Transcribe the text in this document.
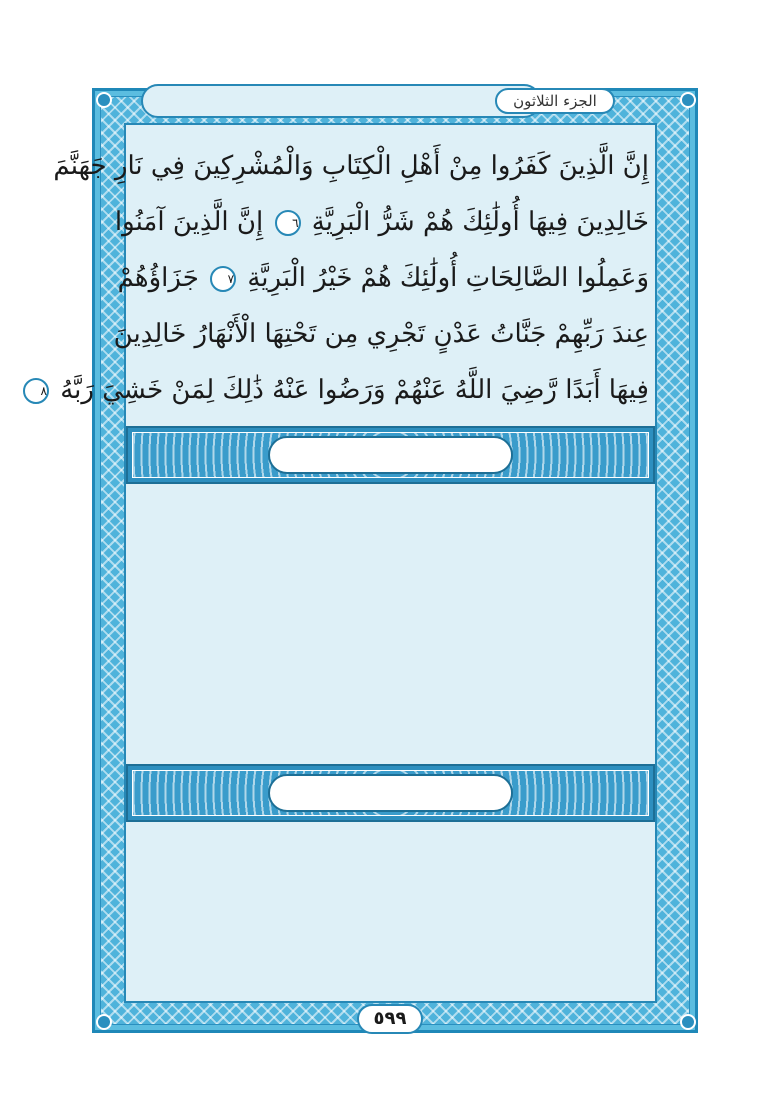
الجزء الثلاثون
إِنَّ الَّذِينَ كَفَرُوا مِنْ أَهْلِ الْكِتَابِ وَالْمُشْرِكِينَ فِي نَارِ جَهَنَّمَ
خَالِدِينَ فِيهَا أُولَٰئِكَ هُمْ شَرُّ الْبَرِيَّةِ ٦ إِنَّ الَّذِينَ آمَنُوا
وَعَمِلُوا الصَّالِحَاتِ أُولَٰئِكَ هُمْ خَيْرُ الْبَرِيَّةِ ٧ جَزَاؤُهُمْ
عِندَ رَبِّهِمْ جَنَّاتُ عَدْنٍ تَجْرِي مِن تَحْتِهَا الْأَنْهَارُ خَالِدِينَ
فِيهَا أَبَدًا رَّضِيَ اللَّهُ عَنْهُمْ وَرَضُوا عَنْهُ ذَٰلِكَ لِمَنْ خَشِيَ رَبَّهُ ٨
٥٩٩
